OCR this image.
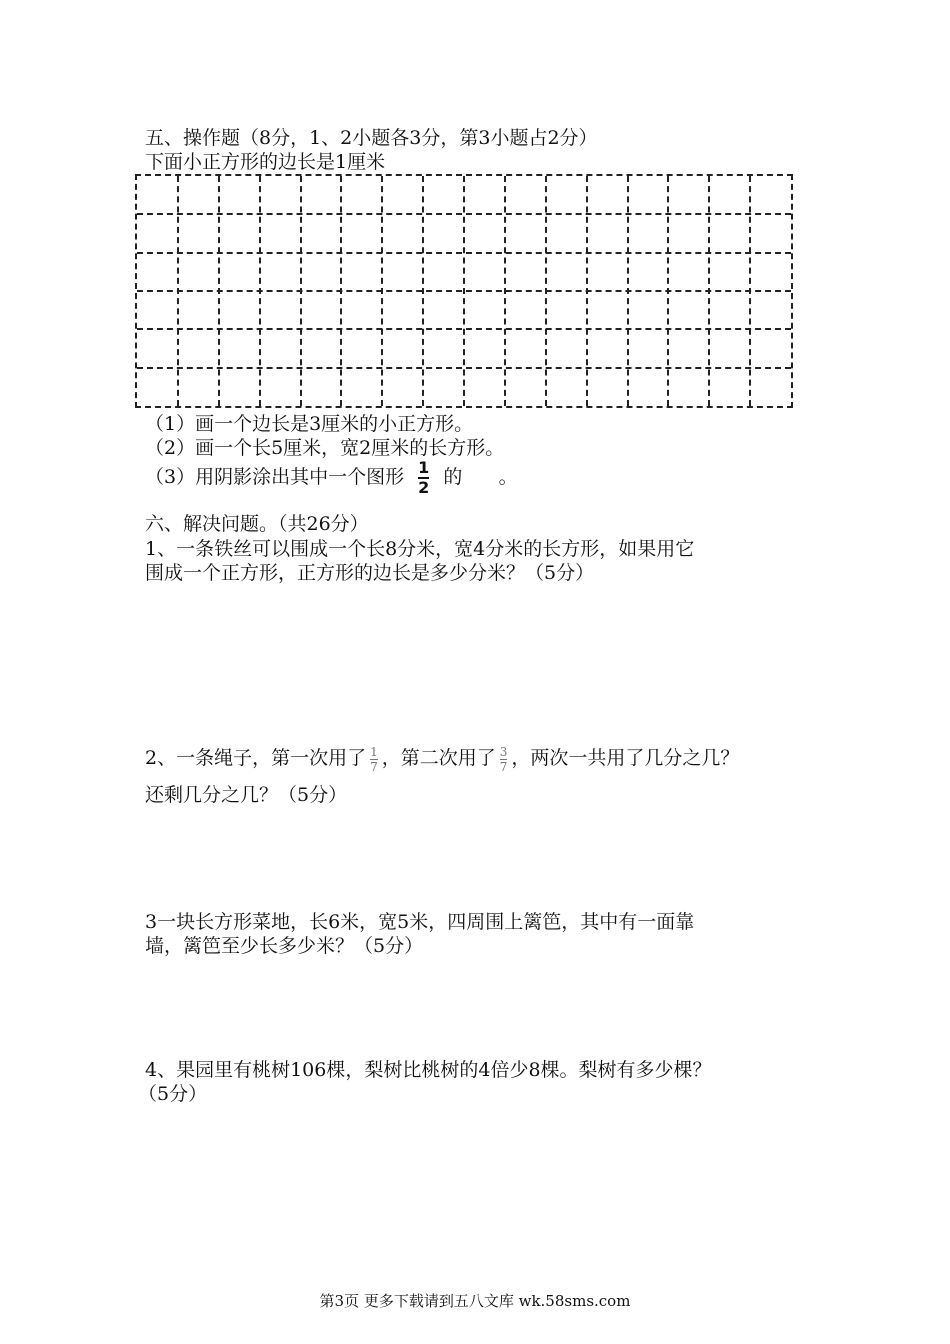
五、操作题（8分，1、2小题各3分，第3小题占2分）
下面小正方形的边长是1厘米
（1）画一个边长是3厘米的小正方形。
（2）画一个长5厘米，宽2厘米的长方形。
（3）用阴影涂出其中一个图形 $\frac{1}{2}$ 的      。
六、解决问题。（共26分）
1、一条铁丝可以围成一个长8分米，宽4分米的长方形，如果用它
围成一个正方形，正方形的边长是多少分米？（5分）
2、一条绳子，第一次用了 $\frac{1}{7}$ ，第二次用了 $\frac{3}{7}$ ，两次一共用了几分之几？
还剩几分之几？（5分）
3一块长方形菜地，长6米，宽5米，四周围上篱笆，其中有一面靠
墙，篱笆至少长多少米？（5分）
4、果园里有桃树106棵，梨树比桃树的4倍少8棵。梨树有多少棵？
（5分）
第3页 更多下载请到五八文库 wk.58sms.com
